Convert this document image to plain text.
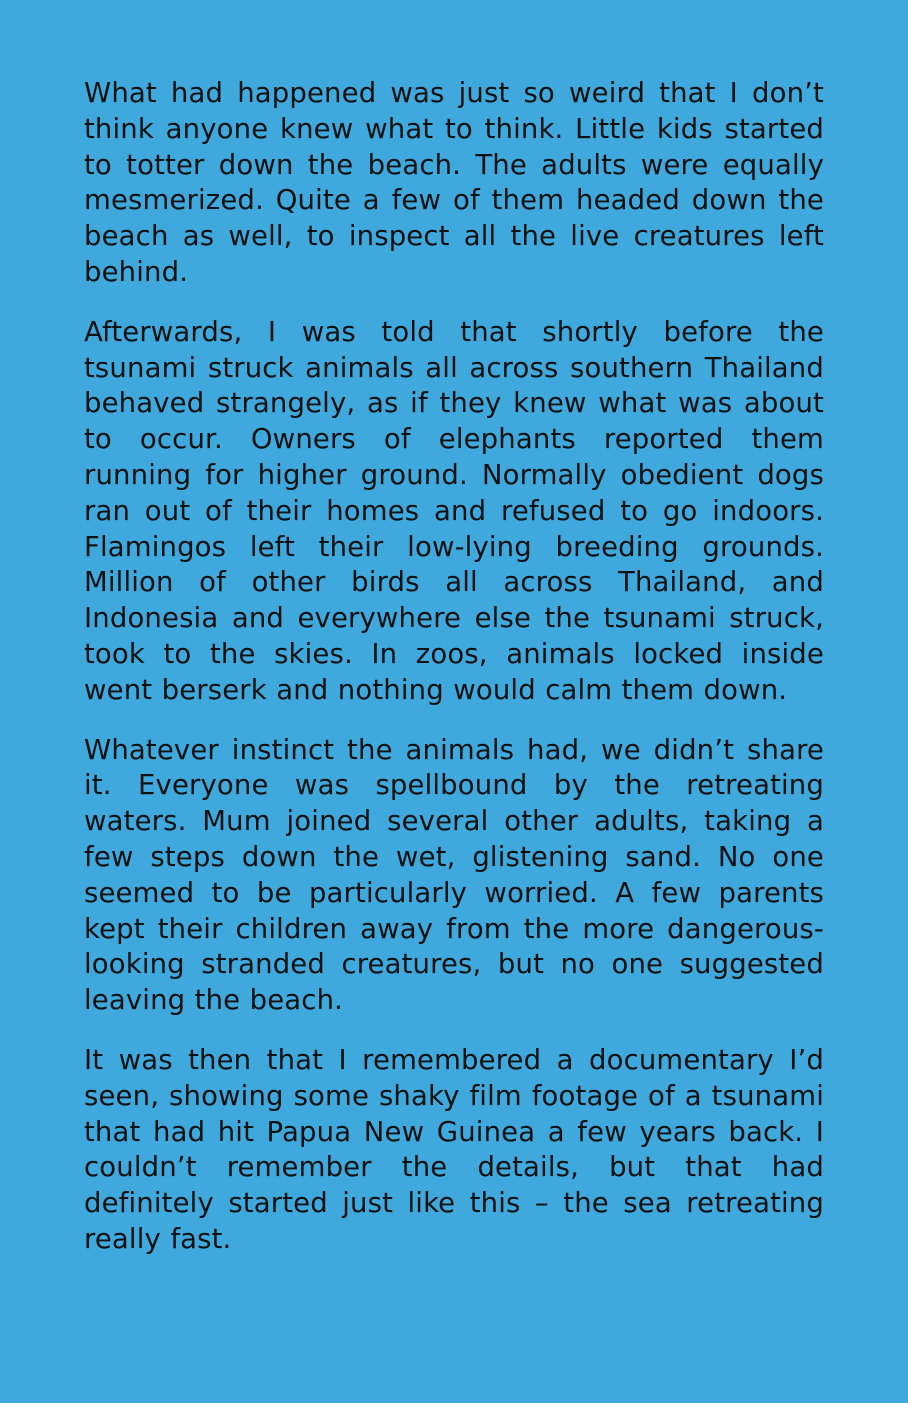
What had happened was just so weird that I don’t think anyone knew what to think. Little kids started to totter down the beach. The adults were equally mesmerized. Quite a few of them headed down the beach as well, to inspect all the live creatures left behind.

Afterwards, I was told that shortly before the tsunami struck animals all across southern Thailand behaved strangely, as if they knew what was about to occur. Owners of elephants reported them running for higher ground. Normally obedient dogs ran out of their homes and refused to go indoors. Flamingos left their low-lying breeding grounds. Million of other birds all across Thailand, and Indonesia and everywhere else the tsunami struck, took to the skies. In zoos, animals locked inside went berserk and nothing would calm them down.

Whatever instinct the animals had, we didn’t share it. Everyone was spellbound by the retreating waters. Mum joined several other adults, taking a few steps down the wet, glistening sand. No one seemed to be particularly worried. A few parents kept their children away from the more dangerous-looking stranded creatures, but no one suggested leaving the beach.

It was then that I remembered a documentary I’d seen, showing some shaky film footage of a tsunami that had hit Papua New Guinea a few years back. I couldn’t remember the details, but that had definitely started just like this – the sea retreating really fast.
